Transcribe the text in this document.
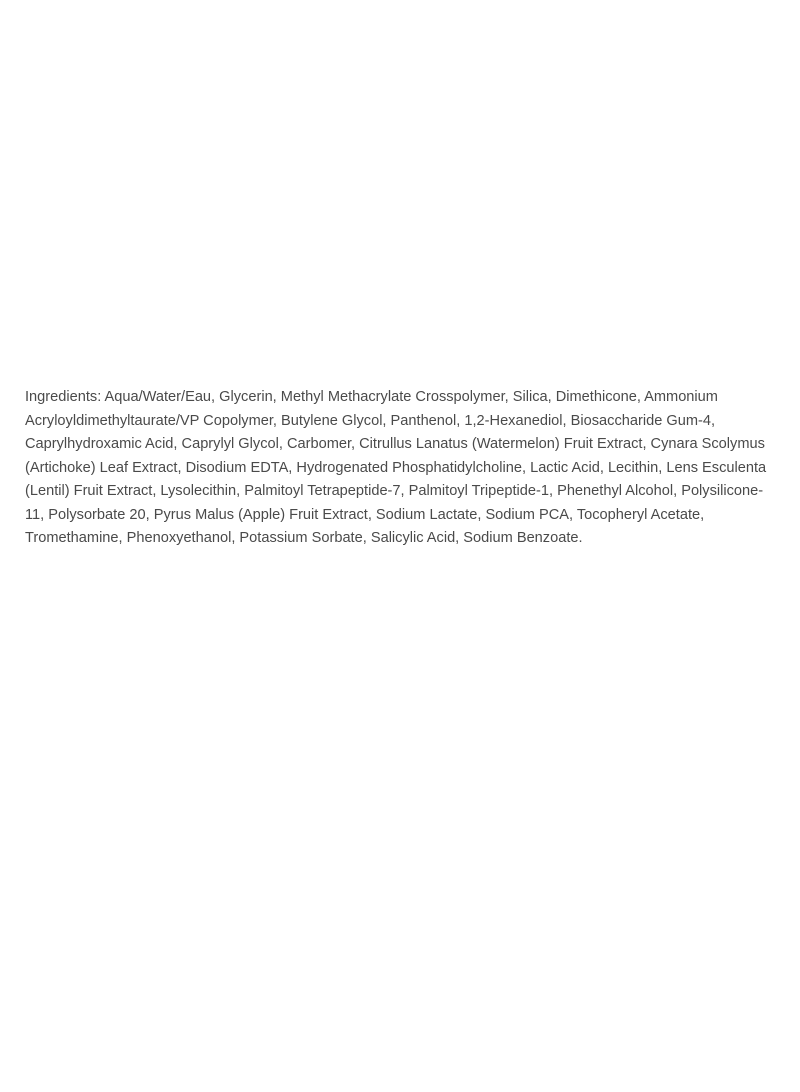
Ingredients: Aqua/Water/Eau, Glycerin, Methyl Methacrylate Crosspolymer, Silica, Dimethicone, Ammonium

Acryloyldimethyltaurate/VP Copolymer, Butylene Glycol, Panthenol, 1,2-Hexanediol, Biosaccharide Gum-4,

Caprylhydroxamic Acid, Caprylyl Glycol, Carbomer, Citrullus Lanatus (Watermelon) Fruit Extract, Cynara Scolymus

(Artichoke) Leaf Extract, Disodium EDTA, Hydrogenated Phosphatidylcholine, Lactic Acid, Lecithin, Lens Esculenta

(Lentil) Fruit Extract, Lysolecithin, Palmitoyl Tetrapeptide-7, Palmitoyl Tripeptide-1, Phenethyl Alcohol, Polysilicone-

11, Polysorbate 20, Pyrus Malus (Apple) Fruit Extract, Sodium Lactate, Sodium PCA, Tocopheryl Acetate,

Tromethamine, Phenoxyethanol, Potassium Sorbate, Salicylic Acid, Sodium Benzoate.
